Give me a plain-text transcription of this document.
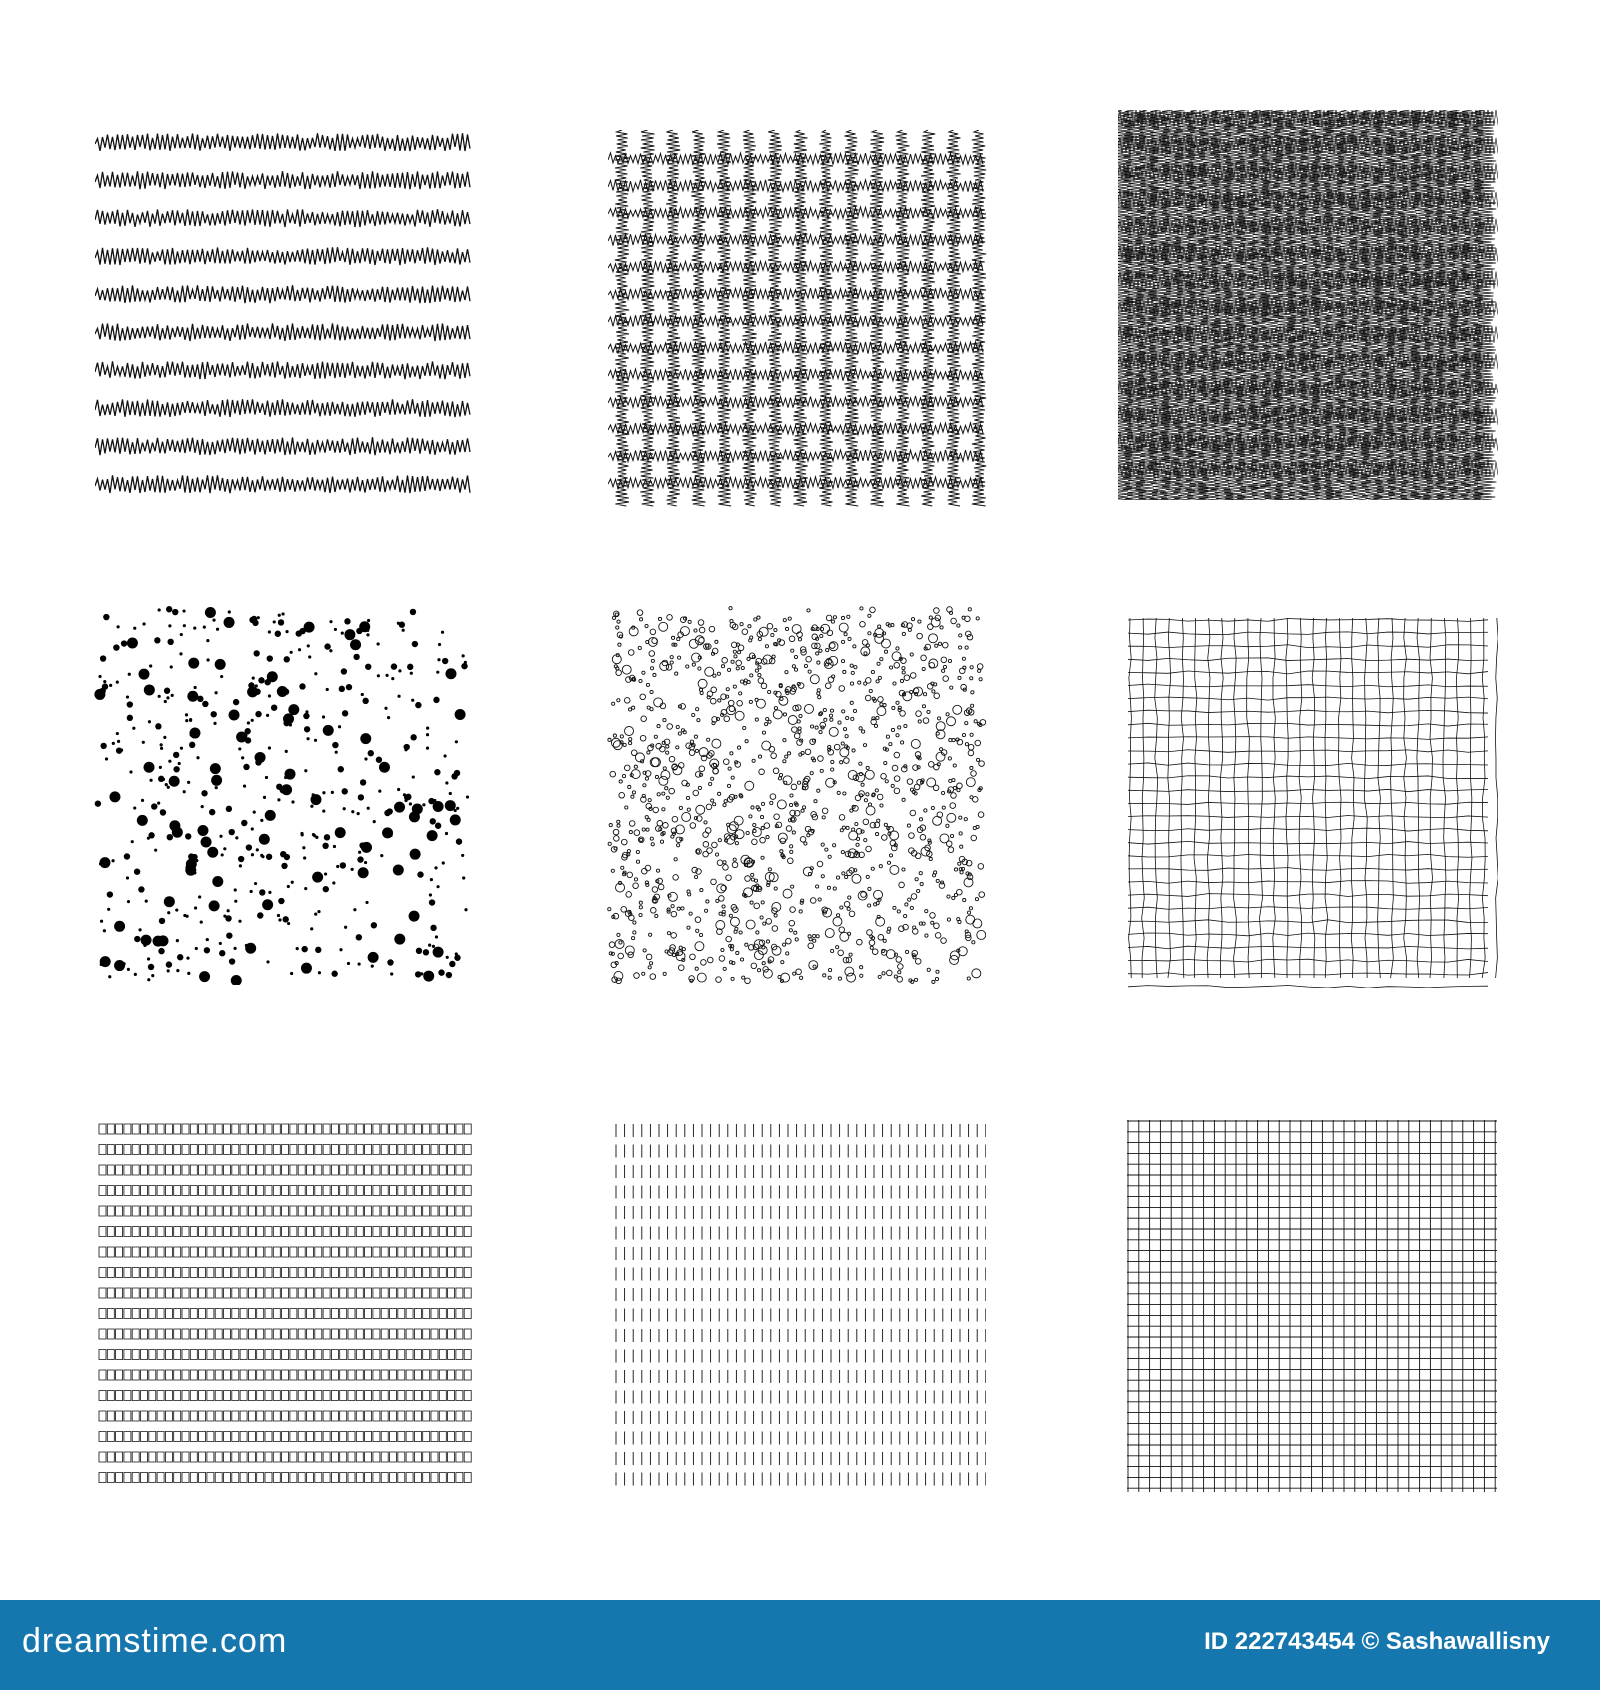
dreamstime.com	ID 222743454 © Sashawallisny
